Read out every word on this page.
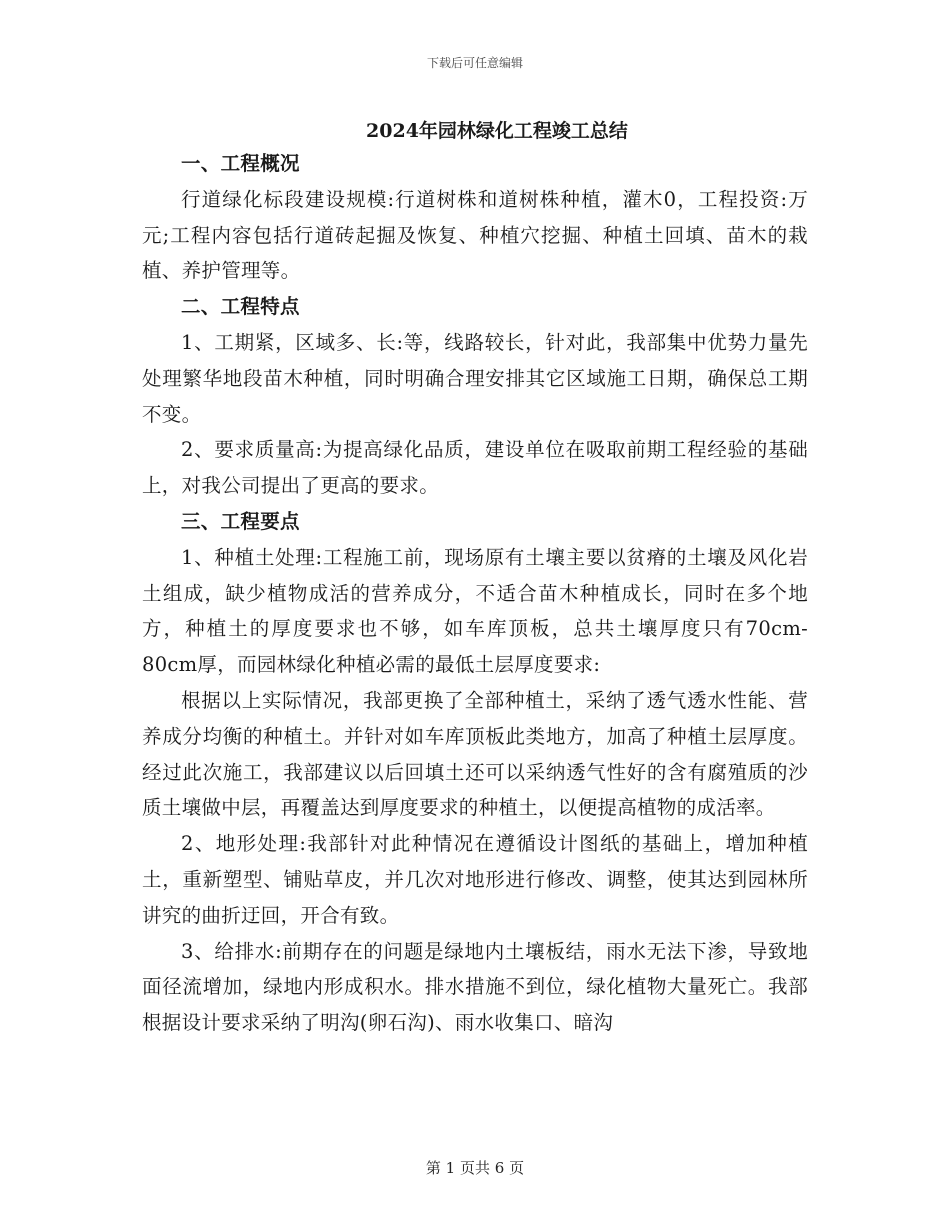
下载后可任意编辑
2024年园林绿化工程竣工总结
一、工程概况

行道绿化标段建设规模:行道树株和道树株种植，灌木0，工程投资:万元;工程内容包括行道砖起掘及恢复、种植穴挖掘、种植土回填、苗木的栽植、养护管理等。

二、工程特点

1、工期紧，区域多、长:等，线路较长，针对此，我部集中优势力量先处理繁华地段苗木种植，同时明确合理安排其它区域施工日期，确保总工期不变。

2、要求质量高:为提高绿化品质，建设单位在吸取前期工程经验的基础上，对我公司提出了更高的要求。

三、工程要点

1、种植土处理:工程施工前，现场原有土壤主要以贫瘠的土壤及风化岩土组成，缺少植物成活的营养成分，不适合苗木种植成长，同时在多个地方，种植土的厚度要求也不够，如车库顶板，总共土壤厚度只有70cm-80cm厚，而园林绿化种植必需的最低土层厚度要求:

根据以上实际情况，我部更换了全部种植土，采纳了透气透水性能、营养成分均衡的种植土。并针对如车库顶板此类地方，加高了种植土层厚度。经过此次施工，我部建议以后回填土还可以采纳透气性好的含有腐殖质的沙质土壤做中层，再覆盖达到厚度要求的种植土，以便提高植物的成活率。

2、地形处理:我部针对此种情况在遵循设计图纸的基础上，增加种植土，重新塑型、铺贴草皮，并几次对地形进行修改、调整，使其达到园林所讲究的曲折迂回，开合有致。

3、给排水:前期存在的问题是绿地内土壤板结，雨水无法下渗，导致地面径流增加，绿地内形成积水。排水措施不到位，绿化植物大量死亡。我部根据设计要求采纳了明沟(卵石沟)、雨水收集口、暗沟

第 1 页共 6 页
